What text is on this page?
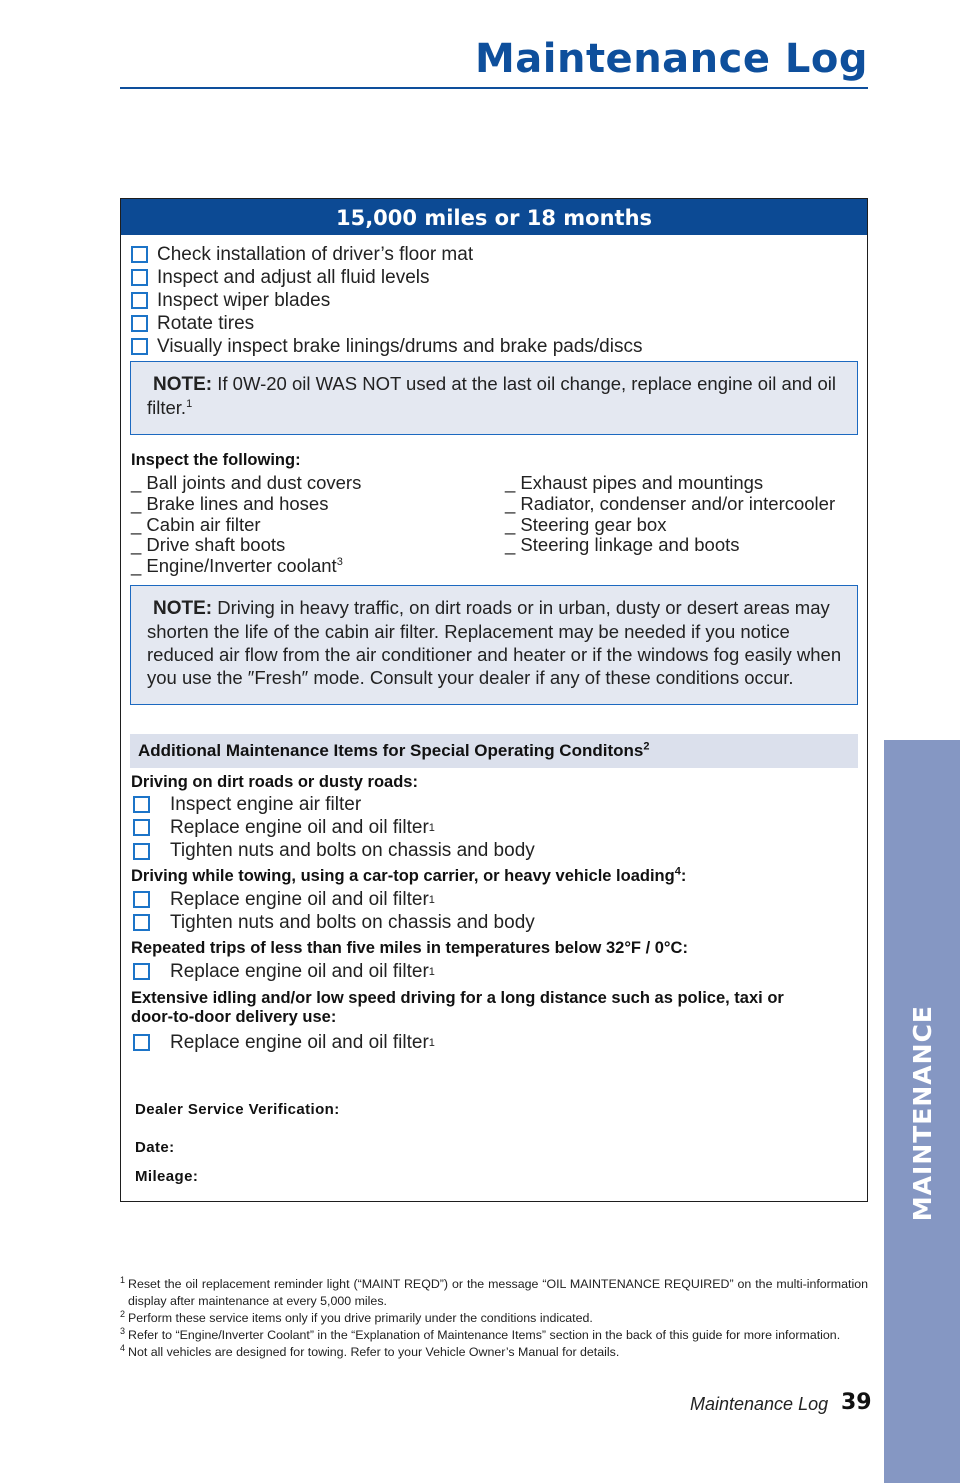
Maintenance Log
MAINTENANCE
15,000 miles or 18 months
Check installation of driver’s floor mat
Inspect and adjust all fluid levels
Inspect wiper blades
Rotate tires
Visually inspect brake linings/drums and brake pads/discs
NOTE: If 0W-20 oil WAS NOT used at the last oil change, replace engine oil and oil
filter.$^1$
Inspect the following:
_ Ball joints and dust covers
_ Brake lines and hoses
_ Cabin air filter
_ Drive shaft boots
_ Engine/Inverter coolant$^3$
_ Exhaust pipes and mountings
_ Radiator, condenser and/or intercooler
_ Steering gear box
_ Steering linkage and boots
NOTE: Driving in heavy traffic, on dirt roads or in urban, dusty or desert areas may
shorten the life of the cabin air filter. Replacement may be needed if you notice
reduced air flow from the air conditioner and heater or if the windows fog easily when
you use the ″Fresh″ mode. Consult your dealer if any of these conditions occur.
Additional Maintenance Items for Special Operating Conditons$^2$
Driving on dirt roads or dusty roads:
Inspect engine air filter
Replace engine oil and oil filter 1
Tighten nuts and bolts on chassis and body
Driving while towing, using a car-top carrier, or heavy vehicle loading$^4$:
Replace engine oil and oil filter 1
Tighten nuts and bolts on chassis and body
Repeated trips of less than five miles in temperatures below 32°F / 0°C:
Replace engine oil and oil filter 1
Extensive idling and/or low speed driving for a long distance such as police, taxi or
door-to-door delivery use:
Replace engine oil and oil filter 1
Dealer Service Verification:
Date:
Mileage:
1 Reset the oil replacement reminder light (“MAINT REQD”) or the message “OIL MAINTENANCE REQUIRED” on the multi-information display after maintenance at every 5,000 miles.
2 Perform these service items only if you drive primarily under the conditions indicated.
3 Refer to “Engine/Inverter Coolant” in the “Explanation of Maintenance Items” section in the back of this guide for more information.
4 Not all vehicles are designed for towing. Refer to your Vehicle Owner’s Manual for details.
Maintenance Log 39
